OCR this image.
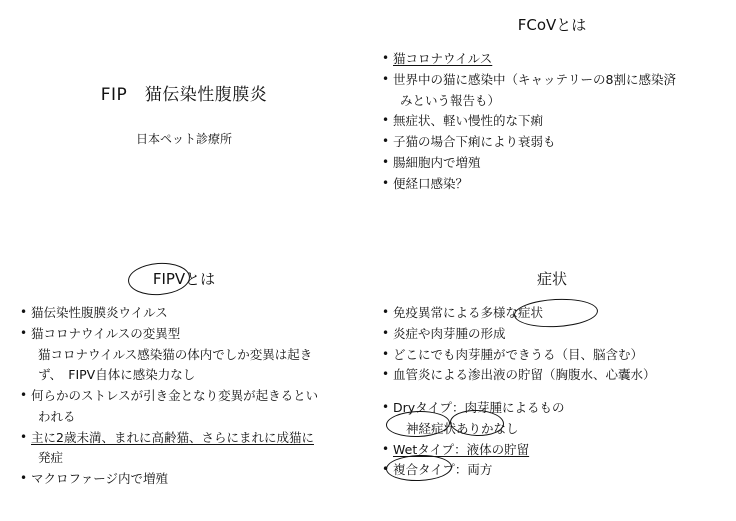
FIP　猫伝染性腹膜炎
日本ペット診療所
FCoVとは
• 猫コロナウイルス
• 世界中の猫に感染中（キャッテリーの8割に感染済
みという報告も）
• 無症状、軽い慢性的な下痢
• 子猫の場合下痢により衰弱も
• 腸細胞内で増殖
• 便経口感染？
FIPVとは
• 猫伝染性腹膜炎ウイルス
• 猫コロナウイルスの変異型
猫コロナウイルス感染猫の体内でしか変異は起き
ず、　FIPV自体に感染力なし
• 何らかのストレスが引き金となり変異が起きるとい
われる
• 主に2歳未満、まれに高齢猫、さらにまれに成猫に
発症
• マクロファージ内で増殖
症状
• 免疫異常による多様な症状
• 炎症や肉芽腫の形成
• どこにでも肉芽腫ができうる（目、脳含む）
• 血管炎による渗出液の貯留（胸腹水、心囊水）
• Dryタイプ：肉芽腫によるもの
神経症状ありかなし
• Wetタイプ：液体の貯留
• 複合タイプ：両方
